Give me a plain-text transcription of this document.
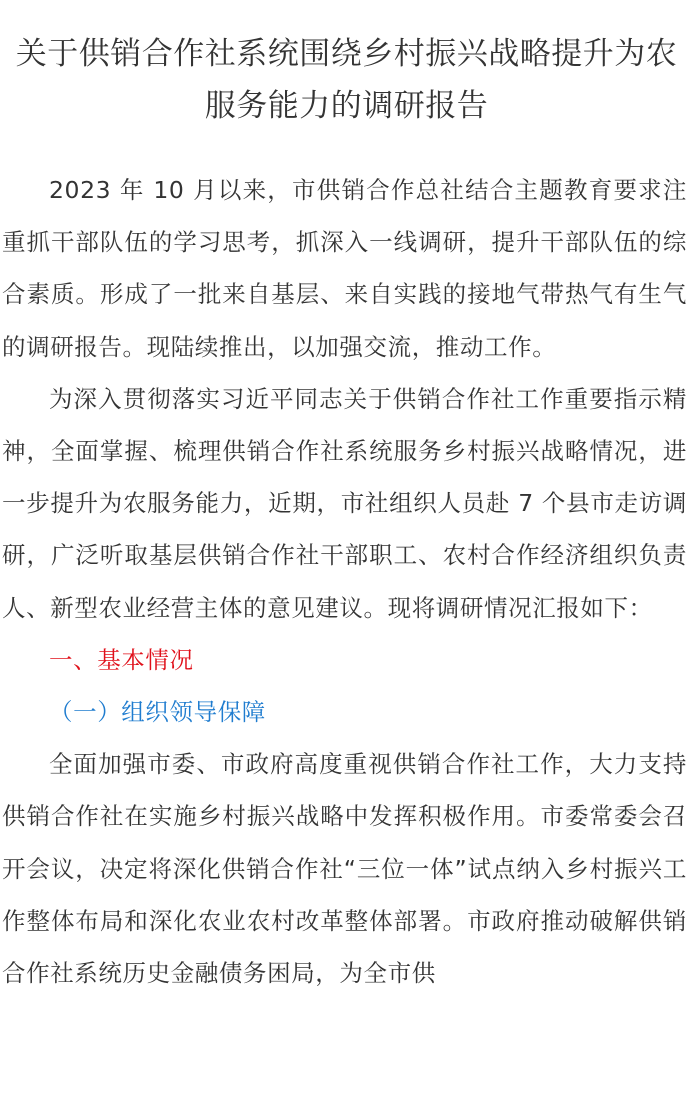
关于供销合作社系统围绕乡村振兴战略提升为农服务能力的调研报告

2023 年 10 月以来，市供销合作总社结合主题教育要求注重抓干部队伍的学习思考，抓深入一线调研，提升干部队伍的综合素质。形成了一批来自基层、来自实践的接地气带热气有生气的调研报告。现陆续推出，以加强交流，推动工作。

为深入贯彻落实习近平同志关于供销合作社工作重要指示精神，全面掌握、梳理供销合作社系统服务乡村振兴战略情况，进一步提升为农服务能力，近期，市社组织人员赴 7 个县市走访调研，广泛听取基层供销合作社干部职工、农村合作经济组织负责人、新型农业经营主体的意见建议。现将调研情况汇报如下：

一、基本情况

（一）组织领导保障

全面加强市委、市政府高度重视供销合作社工作，大力支持供销合作社在实施乡村振兴战略中发挥积极作用。市委常委会召开会议，决定将深化供销合作社“三位一体”试点纳入乡村振兴工作整体布局和深化农业农村改革整体部署。市政府推动破解供销合作社系统历史金融债务困局，为全市供
